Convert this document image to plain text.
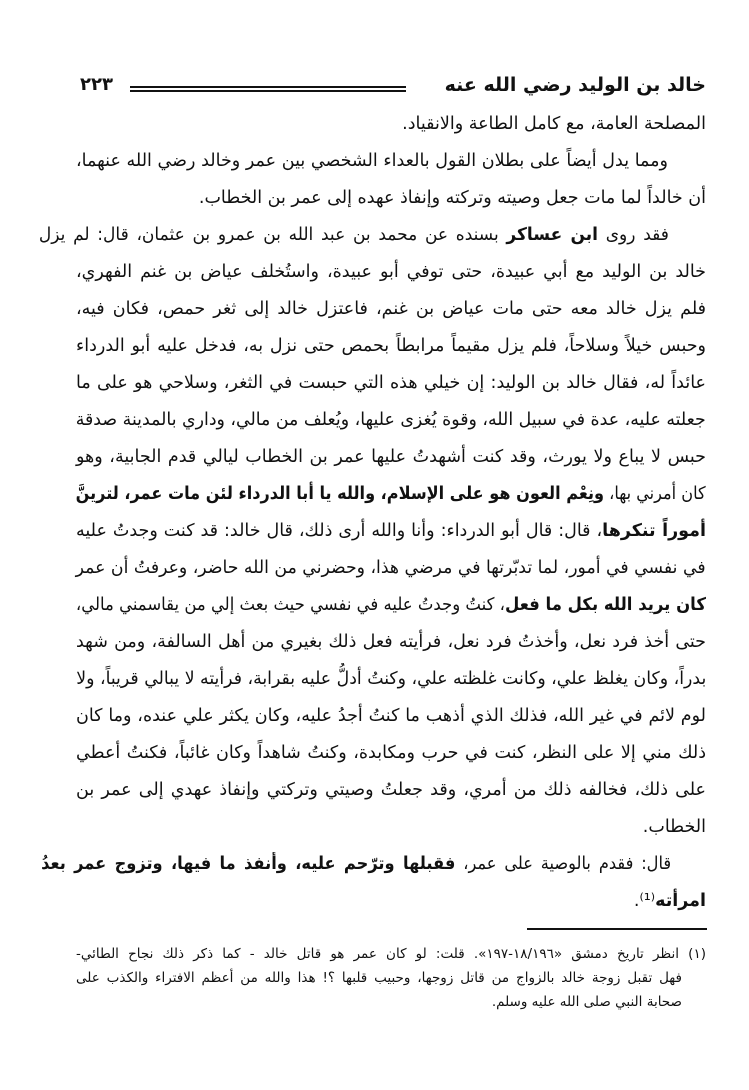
خالد بن الوليد رضي الله عنه
٢٢٣
المصلحة العامة، مع كامل الطاعة والانقياد.
ومما يدل أيضاً على بطلان القول بالعداء الشخصي بين عمر وخالد رضي الله عنهما،
أن خالداً لما مات جعل وصيته وتركته وإنفاذ عهده إلى عمر بن الخطاب.
فقد روى ابن عساكر بسنده عن محمد بن عبد الله بن عمرو بن عثمان، قال: لم يزل
خالد بن الوليد مع أبي عبيدة، حتى توفي أبو عبيدة، واستُخلف عياض بن غنم الفهري،
فلم يزل خالد معه حتى مات عياض بن غنم، فاعتزل خالد إلى ثغر حمص، فكان فيه،
وحبس خيلاً وسلاحاً، فلم يزل مقيماً مرابطاً بحمص حتى نزل به، فدخل عليه أبو الدرداء
عائداً له، فقال خالد بن الوليد: إن خيلي هذه التي حبست في الثغر، وسلاحي هو على ما
جعلته عليه، عدة في سبيل الله، وقوة يُغزى عليها، ويُعلف من مالي، وداري بالمدينة صدقة
حبس لا يباع ولا يورث، وقد كنت أشهدتُ عليها عمر بن الخطاب ليالي قدم الجابية، وهو
كان أمرني بها، ونِعْم العون هو على الإسلام، والله يا أبا الدرداء لئن مات عمر، لترينَّ
أموراً تنكرها، قال: قال أبو الدرداء: وأنا والله أرى ذلك، قال خالد: قد كنت وجدتُ عليه
في نفسي في أمور، لما تدبّرتها في مرضي هذا، وحضرني من الله حاضر، وعرفتُ أن عمر
كان يريد الله بكل ما فعل، كنتُ وجدتُ عليه في نفسي حيث بعث إلي من يقاسمني مالي،
حتى أخذ فرد نعل، وأخذتُ فرد نعل، فرأيته فعل ذلك بغيري من أهل السالفة، ومن شهد
بدراً، وكان يغلظ علي، وكانت غلظته علي، وكنتُ أدلُّ عليه بقرابة، فرأيته لا يبالي قريباً، ولا
لوم لائم في غير الله، فذلك الذي أذهب ما كنتُ أجدُ عليه، وكان يكثر علي عنده، وما كان
ذلك مني إلا على النظر، كنت في حرب ومكابدة، وكنتُ شاهداً وكان غائباً، فكنتُ أعطي
على ذلك، فخالفه ذلك من أمري، وقد جعلتُ وصيتي وتركتي وإنفاذ عهدي إلى عمر بن
الخطاب.
قال: فقدم بالوصية على عمر، فقبلها وترّحم عليه، وأنفذ ما فيها، وتزوج عمر بعدُ
امرأته⁽¹⁾.
(١) انظر تاريخ دمشق «١٨/١٩٦-١٩٧». قلت: لو كان عمر هو قاتل خالد - كما ذكر ذلك نجاح الطائي-
فهل تقبل زوجة خالد بالزواج من قاتل زوجها، وحبيب قلبها ؟! هذا والله من أعظم الافتراء والكذب على
صحابة النبي صلى الله عليه وسلم.
